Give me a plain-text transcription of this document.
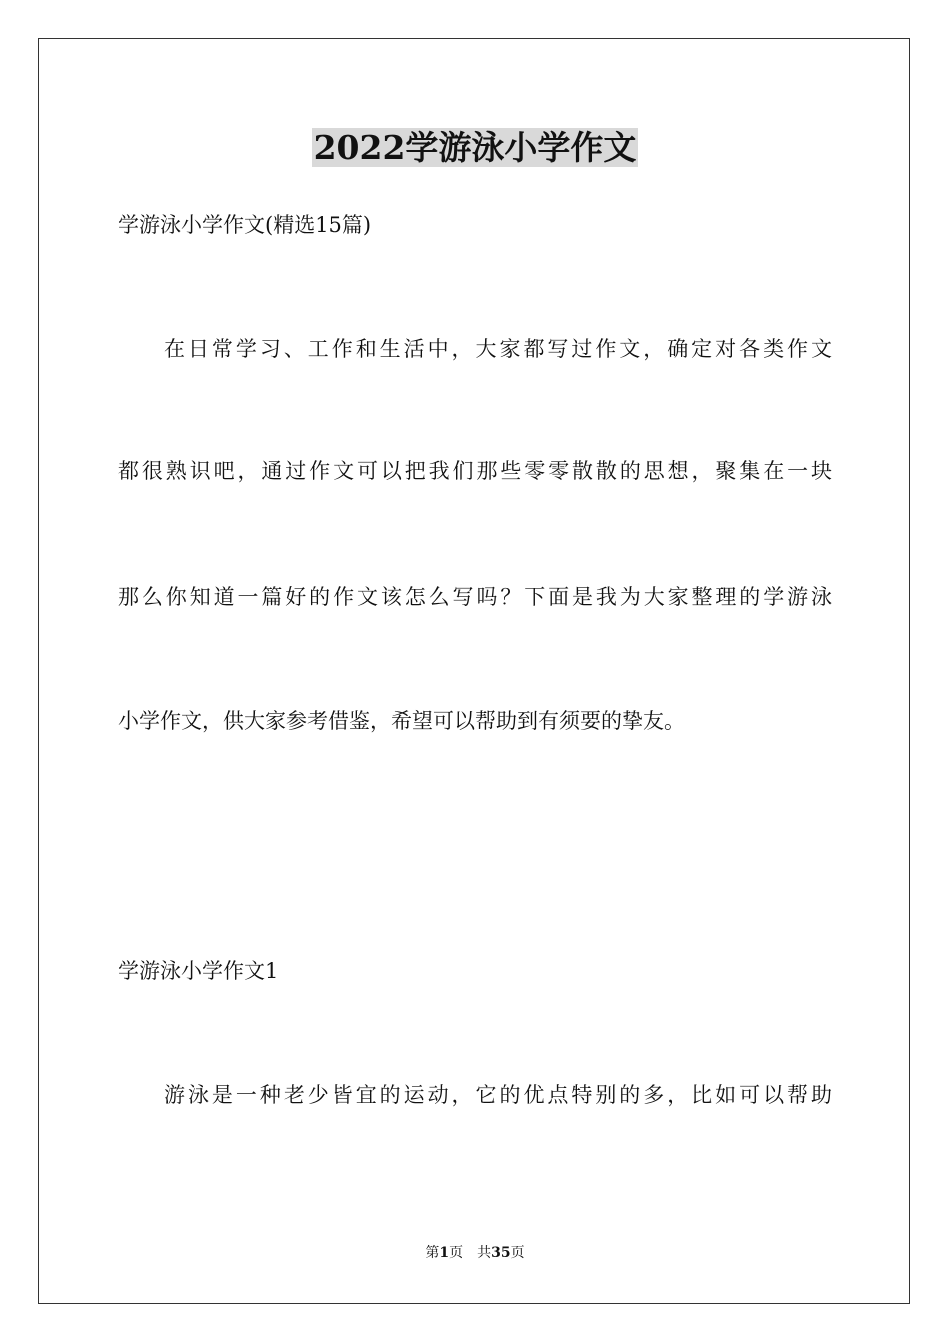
2022学游泳小学作文

学游泳小学作文(精选15篇)

在日常学习、工作和生活中，大家都写过作文，确定对各类作文

都很熟识吧，通过作文可以把我们那些零零散散的思想，聚集在一块

那么你知道一篇好的作文该怎么写吗？下面是我为大家整理的学游泳

小学作文，供大家参考借鉴，希望可以帮助到有须要的挚友。

学游泳小学作文1

游泳是一种老少皆宜的运动，它的优点特别的多，比如可以帮助

第1页 共35页
